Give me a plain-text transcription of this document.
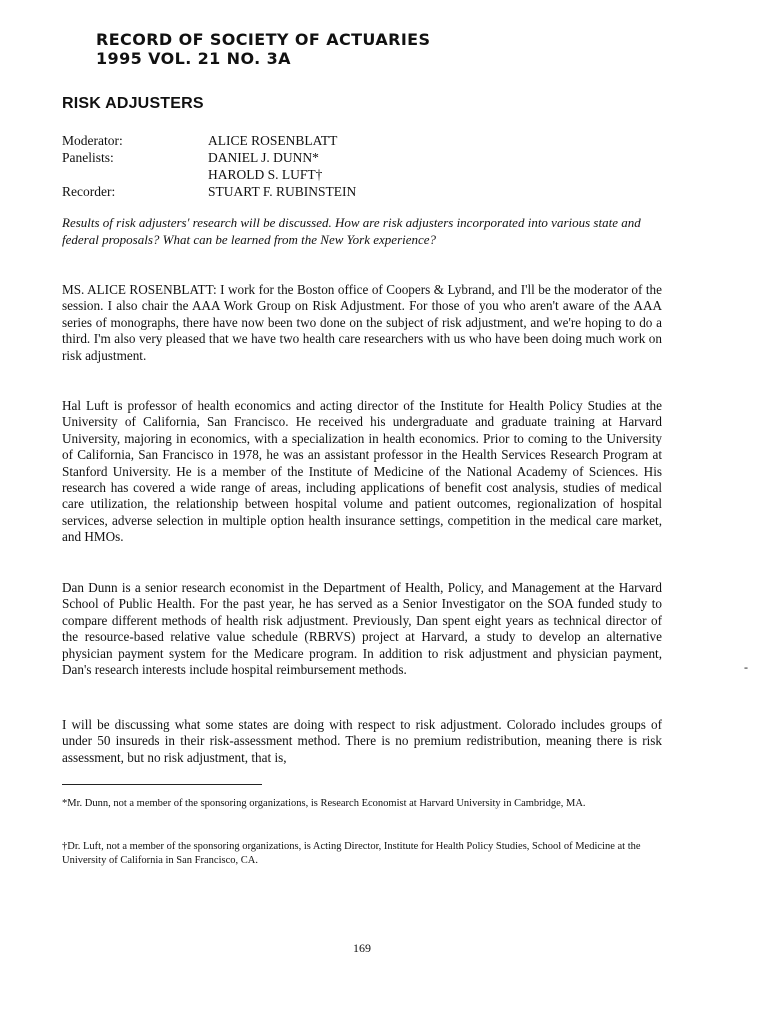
RECORD OF SOCIETY OF ACTUARIES
1995 VOL. 21 NO. 3A
RISK ADJUSTERS
Moderator:	ALICE ROSENBLATT
Panelists:	DANIEL J. DUNN*
HAROLD S. LUFT†
Recorder:	STUART F. RUBINSTEIN
Results of risk adjusters' research will be discussed. How are risk adjusters incorporated into various state and federal proposals? What can be learned from the New York experience?
MS. ALICE ROSENBLATT: I work for the Boston office of Coopers & Lybrand, and I'll be the moderator of the session. I also chair the AAA Work Group on Risk Adjustment. For those of you who aren't aware of the AAA series of monographs, there have now been two done on the subject of risk adjustment, and we're hoping to do a third. I'm also very pleased that we have two health care researchers with us who have been doing much work on risk adjustment.
Hal Luft is professor of health economics and acting director of the Institute for Health Policy Studies at the University of California, San Francisco. He received his undergraduate and graduate training at Harvard University, majoring in economics, with a specialization in health economics. Prior to coming to the University of California, San Francisco in 1978, he was an assistant professor in the Health Services Research Program at Stanford University. He is a member of the Institute of Medicine of the National Academy of Sciences. His research has covered a wide range of areas, including applications of benefit cost analysis, studies of medical care utilization, the relationship between hospital volume and patient outcomes, regionalization of hospital services, adverse selection in multiple option health insurance settings, competition in the medical care market, and HMOs.
Dan Dunn is a senior research economist in the Department of Health, Policy, and Management at the Harvard School of Public Health. For the past year, he has served as a Senior Investigator on the SOA funded study to compare different methods of health risk adjustment. Previously, Dan spent eight years as technical director of the resource-based relative value schedule (RBRVS) project at Harvard, a study to develop an alternative physician payment system for the Medicare program. In addition to risk adjustment and physician payment, Dan's research interests include hospital reimbursement methods.
I will be discussing what some states are doing with respect to risk adjustment. Colorado includes groups of under 50 insureds in their risk-assessment method. There is no premium redistribution, meaning there is risk assessment, but no risk adjustment, that is,
*Mr. Dunn, not a member of the sponsoring organizations, is Research Economist at Harvard University in Cambridge, MA.
†Dr. Luft, not a member of the sponsoring organizations, is Acting Director, Institute for Health Policy Studies, School of Medicine at the University of California in San Francisco, CA.
-
169
